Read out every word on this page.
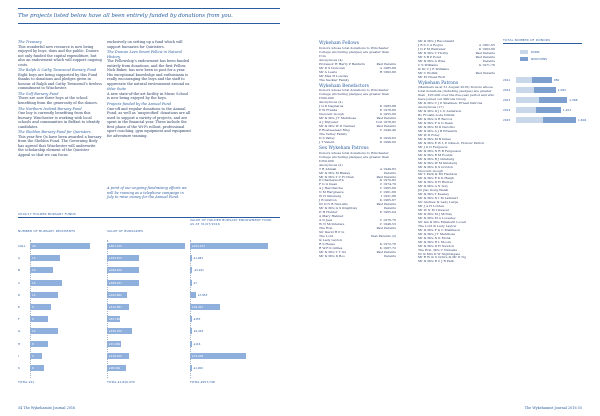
The projects listed below have all been entirely funded by donations from you.

The Treasury
This wonderful new resource is now being enjoyed by boys, dons and the public. Donors not only funded the capital expenditure, but also an endowment which will support ongoing costs.

The Ralph & Cathy Townsend Bursary Fund
Eight boys are being supported by this Fund thanks to donations and pledges given in honour of Ralph and Cathy Townsend’s tireless commitment to Winchester.

The Golf Bursary Fund
There are now three boys at the school benefiting from the generosity of the donors.

The Northern Ireland Bursary Fund
One boy is currently benefiting from this bursary. Winchester is working with local schools and communities in Belfast to identify candidates.

The Sheldon Bursary Fund for Quiristers
This year five Qs have been awarded a bursary from the Sheldon Fund. The Governing Body has agreed that Winchester will underwrite the scholarship element of the Quirister Appeal so that we can focus

exclusively on setting up a fund which will support bursaries for Quiristers.

The Duncan Lees Smart Fellow in Natural History
The Fellowship’s endowment has been funded entirely from donations, and the first Fellow, Nick Baker, has now been in post for a year. His exceptional knowledge and enthusiasm is really encouraging the boys and the staff to appreciate the natural environment around us.

iMac Suite
A new state-of-the-art facility in Music School is now being enjoyed by the boys.

Projects funded by the Annual Fund
One-off and regular donations to the Annual Fund, as well as ‘unspecified’ donations are all used to support a variety of projects, and are spent in the financial year. These include the first phase of the Wi-Fi rollout, professional sport coaching, gym equipment and equipment for adventure training.

A print of our ongoing fundraising efforts we will be running as a telephone campaign in July to raise money for the Annual Fund.

2016/17 HOLDER BURSARY FUNDS
NUMBER OF BURSARY RECIPIENTS	VALUE OF BURSARIES
VALUE OF HOLDER BURSARY ENDOWMENT FUND AS AT 31/07/2016
COLL 26	£407,155	£103,137
A	13	£164,675	£1,984
B	10	£168,620	£3,241
C	14	£168,637	£7
D	12	£102,662	£7,853
E	9	£112,587	£39,421
F	8	£67,780	£353
G	12	£130,150	£2,424
H	8	£71,999	£116
I	5	£116,225	£74,429
K	6	£98,999	£1,000
TOTAL 121	TOTAL £1,810,479	TOTAL £557,748
Wykeham Fellows
Donors whose total donations to Winchester College (including pledges) are greater than £1m
Anonymous (4)
Professor H Harry P Baldwin	Past Parents
Mr D S Donovan	A 1985-89
Mr A Lewis	H 1962-66
Mr Max H Lowday
The Sackler Family
Wykeham Benefactors
Donors whose total donations to Winchester College (including pledges) are greater than £500,000
Anonymous (2)
J G D Dagnarus	D 1983-88
P W Franks	E 1976-80
Viscount Gough	G 1955-60
Mr & Mrs J T Mehlhose	Past Parents
A J Mylyeler	Coll 1978-82
Mr & Mrs W D Nanner	Past Parents
P Roatseetead Ring	C 1940-46
The Verley Family
D S Valley	D 1959-63
J T Valent	D 1996-00
Sex Wykeham Patrons
Donors whose total donations to Winchester College (including pledges) are greater than £250,000
Anonymous (2)
T R Ahluah	A 1949-83
Mr & Mrs M Blakey	Parents
Mr & Mrs T C H Chan	Past Parents
K Charlesworth	D 1970-82
F G G Dean	C 1974-79
A J Halcdwiche	C 1965-66
N M Hargreave	C 1961-66
W H Ginsberg	I 1931-86
J B Gratton	K 1965-67
Dr D N B Nist-Alls	Past Parents
Mr & Mrs G S Knightley	Parents
D H Hunter	E 1965-04
A Mary Hanner
A N Jess	C 1976-76
W N Mcintenwe	C 1946-53
The Hon.	Past Parents
Sir David H P Li
The Lord	Past Parents (2)
& Lady Layton
R S Hesse	K 1972-76
R W-F-S Gillies	K 1967-72
Mr & Mrs T Y Ou	Past Parents
Mr & Mrs D Boo	Parents
Mr & Mrs J Raconwald
J B S C A Rogus	A 1961-65
J D P M Warrener	D 1963-66
Mr & Mrs Y Tholby	Past Parents
Mr S B P Pond	Past Parents
Mr & Mrs A Wise	Parents
C S Williams	G 1971-76
& Dr C J E Williams
Mr C Wolfsh	Past Parents
Mr M Cheaf Wolf
Wykeham Patrons
(Members as at 31 August 2016) Donors whose total donations (including pledges) are greater than _£25,000 over the five-year period and who have joined our Patrons Group
Mr & Mrs C J P Shanken, Ernest Patrons
Anonymous (17)
Mr & Mrs D J L P Anderson
Bo Froisht-Lode Dimmi
Mr & Mrs G R Bercox
Mr & Mrs F G G Dean
Mr & Mrs M D Derotho
Mr & Mrs A J B Edwards
Mr W D Foley
Mr & Mrs M B Gines
Mr & Mrs E W L P Gibson, Honour Patron
Mr J G D Ferguson
Mr & Mrs N R B Fergusson
Mr & Mrs R M Foulds
Mr & Mrs B J Ginsberg
Mr & Mrs W M Ginsberg
Mr & Mrs D S Gordon
Viscount Gough
Mr T Park & Mr Haddow
Mr & Mrs E K K Haigh
Mr & Mrs D H Hunter
Mr & Mrs A N Ivey
Jin Jiao Kong-Welsh
Mr & Mrs T Keeney
Mr & Mrs N I M Lambert
Sir Andrew & Lady Large
Mr J A H Lorden
Mr W N M Ltreaver
Mr & Mrs M J McNay
Mr & Mrs M A Lovesley
Sir Ian & Mrs Elizabeth Lovell
The Lord & Lady Layton
Mr & Mrs F G C Mallinson
Mr & Mrs J T Mehlhose
Mr & Mrs N K Monk
Mr & Mrs R L Moore
Mr & Mrs D H Newton
The Hon. Mrs C Nidoelle
Dr & Mrs D W Nightingale
Mr R W & S Ochre & Mr D Ng
Mr & Mrs R C J R Park
TOTAL NUMBER OF DONORS
DONS
NON DONS
2011	956
2012	1,062
2013	1,368
2014	1,201
2015	1,604
54 The Wykehamist Journal 2016	The Wykehamist Journal 2016 55
